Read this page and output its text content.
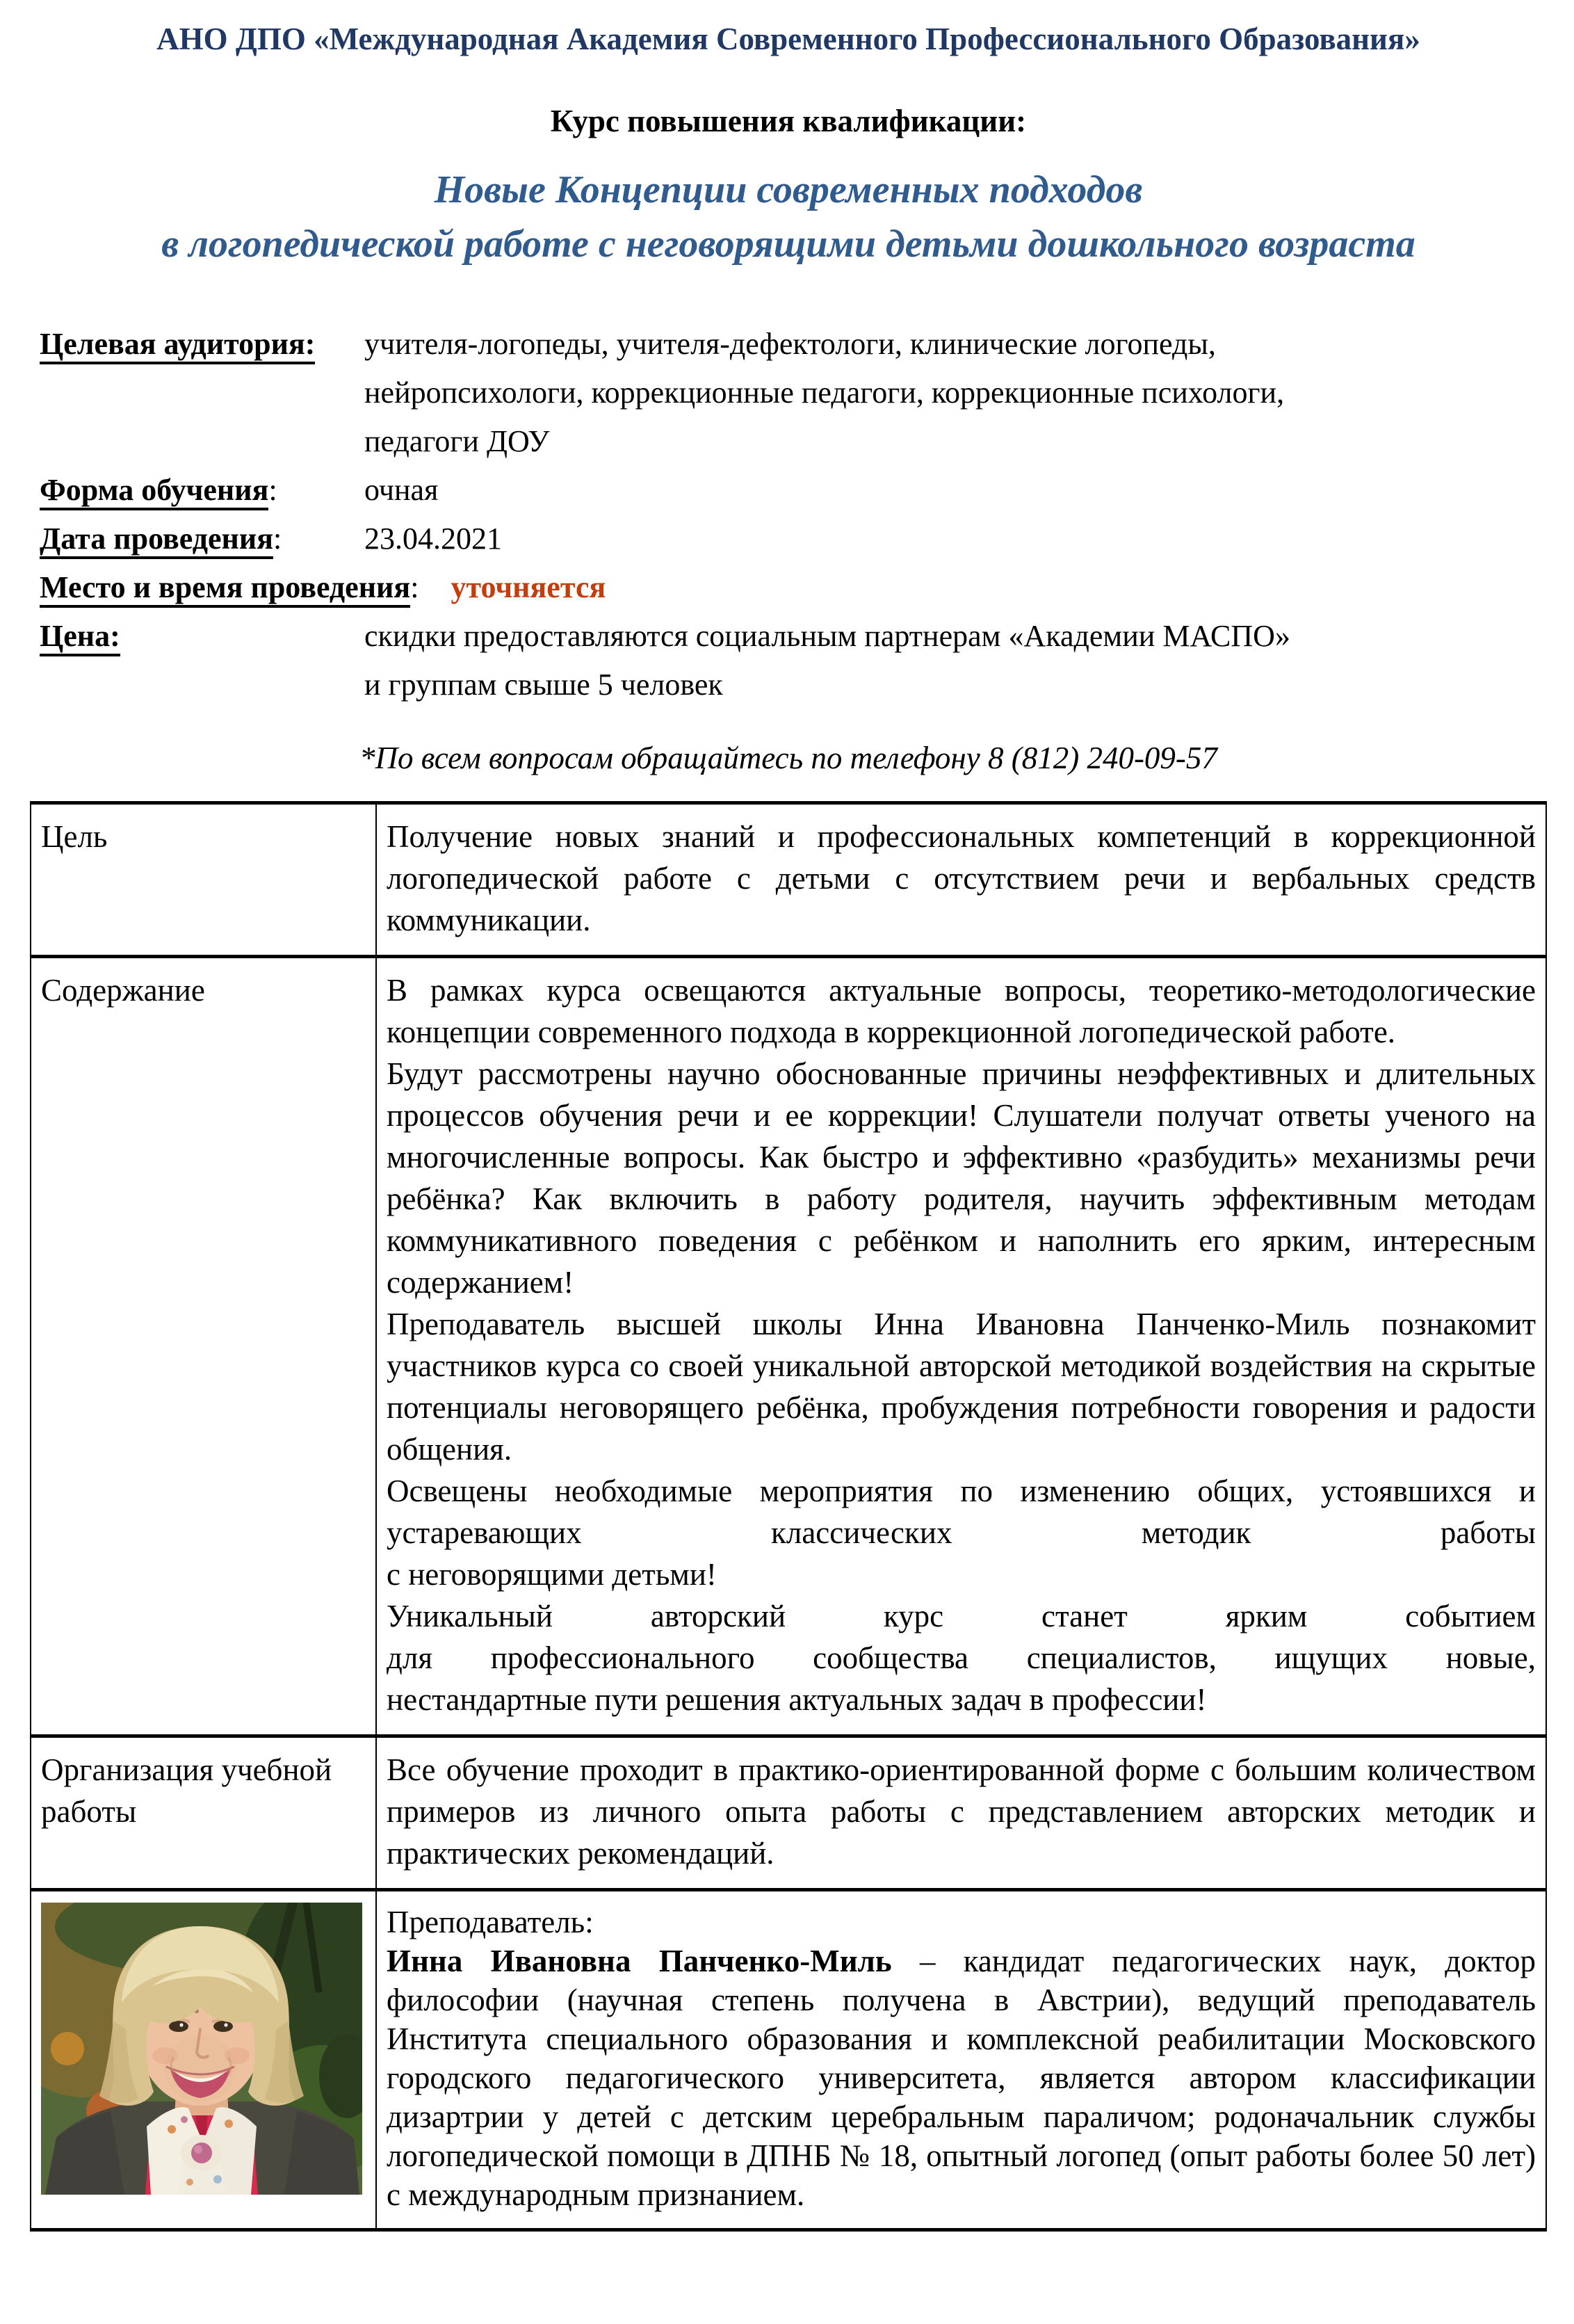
АНО ДПО «Международная Академия Современного Профессионального Образования»
Курс повышения квалификации:
Новые Концепции современных подходов
в логопедической работе с неговорящими детьми дошкольного возраста
Целевая аудитория:	учителя-логопеды, учителя-дефектологи, клинические логопеды,
нейропсихологи, коррекционные педагоги, коррекционные психологи,
педагоги ДОУ
Форма обучения:	очная
Дата проведения:	23.04.2021
Место и время проведения: уточняется
Цена:	скидки предоставляются социальным партнерам «Академии МАСПО»
и группам свыше 5 человек
*По всем вопросам обращайтесь по телефону 8 (812) 240-09-57
Цель	Получение новых знаний и профессиональных компетенций в коррекционной логопедической работе с детьми с отсутствием речи и вербальных средств коммуникации.

Содержание	В рамках курса освещаются актуальные вопросы, теоретико-методологические концепции современного подхода в коррекционной логопедической работе.
Будут рассмотрены научно обоснованные причины неэффективных и длительных процессов обучения речи и ее коррекции! Слушатели получат ответы ученого на многочисленные вопросы. Как быстро и эффективно «разбудить» механизмы речи ребёнка? Как включить в работу родителя, научить эффективным методам коммуникативного поведения с ребёнком и наполнить его ярким, интересным содержанием!
Преподаватель высшей школы Инна Ивановна Панченко-Миль познакомит участников курса со своей уникальной авторской методикой воздействия на скрытые потенциалы неговорящего ребёнка, пробуждения потребности говорения и радости общения.
Освещены необходимые мероприятия по изменению общих, устоявшихся и устаревающих классических методик работы
с неговорящими детьми!
Уникальный авторский курс станет ярким событием
для профессионального сообщества специалистов, ищущих новые,
нестандартные пути решения актуальных задач в профессии!

Организация учебной работы	Все обучение проходит в практико-ориентированной форме с большим количеством примеров из личного опыта работы с представлением авторских методик и практических рекомендаций.

Преподаватель:
Инна Ивановна Панченко-Миль – кандидат педагогических наук, доктор философии (научная степень получена в Австрии), ведущий преподаватель Института специального образования и комплексной реабилитации Московского городского педагогического университета, является автором классификации дизартрии у детей с детским церебральным параличом; родоначальник службы логопедической помощи в ДПНБ № 18, опытный логопед (опыт работы более 50 лет) с международным признанием.
